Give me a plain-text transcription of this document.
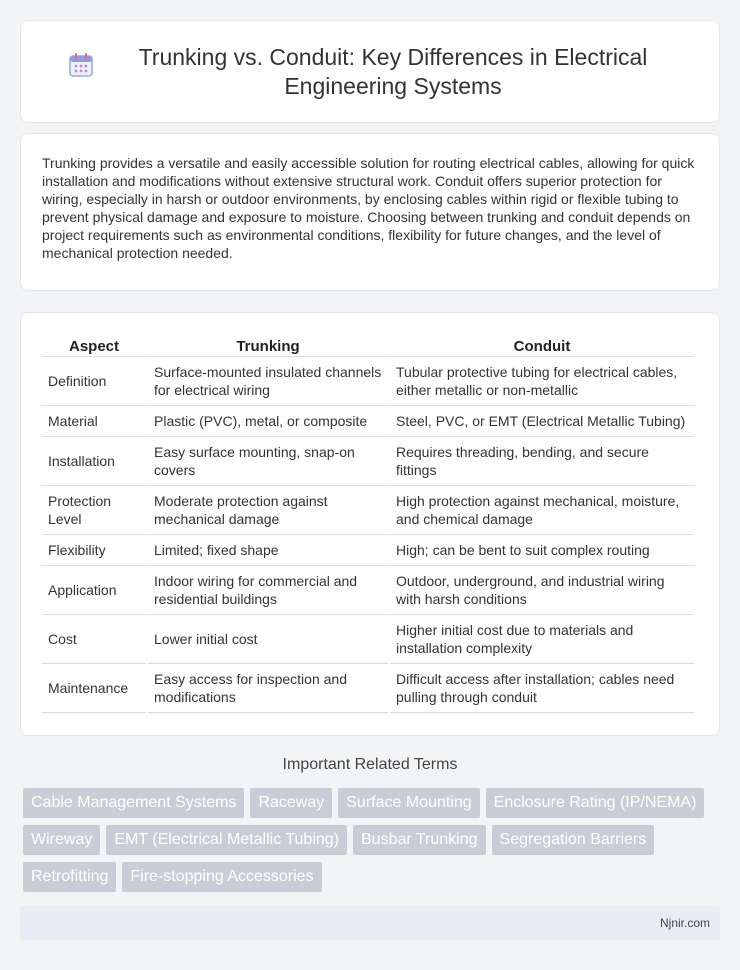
Trunking vs. Conduit: Key Differences in Electrical Engineering Systems

Trunking provides a versatile and easily accessible solution for routing electrical cables, allowing for quick installation and modifications without extensive structural work. Conduit offers superior protection for wiring, especially in harsh or outdoor environments, by enclosing cables within rigid or flexible tubing to prevent physical damage and exposure to moisture. Choosing between trunking and conduit depends on project requirements such as environmental conditions, flexibility for future changes, and the level of mechanical protection needed.

Aspect	Trunking	Conduit
Definition	Surface-mounted insulated channels for electrical wiring	Tubular protective tubing for electrical cables, either metallic or non-metallic
Material	Plastic (PVC), metal, or composite	Steel, PVC, or EMT (Electrical Metallic Tubing)
Installation	Easy surface mounting, snap-on covers	Requires threading, bending, and secure fittings
Protection Level	Moderate protection against mechanical damage	High protection against mechanical, moisture, and chemical damage
Flexibility	Limited; fixed shape	High; can be bent to suit complex routing
Application	Indoor wiring for commercial and residential buildings	Outdoor, underground, and industrial wiring with harsh conditions
Cost	Lower initial cost	Higher initial cost due to materials and installation complexity
Maintenance	Easy access for inspection and modifications	Difficult access after installation; cables need pulling through conduit
Important Related Terms
Cable Management Systems	Raceway	Surface Mounting	Enclosure Rating (IP/NEMA)
Wireway	EMT (Electrical Metallic Tubing)	Busbar Trunking	Segregation Barriers
Retrofitting	Fire-stopping Accessories
Njnir.com
